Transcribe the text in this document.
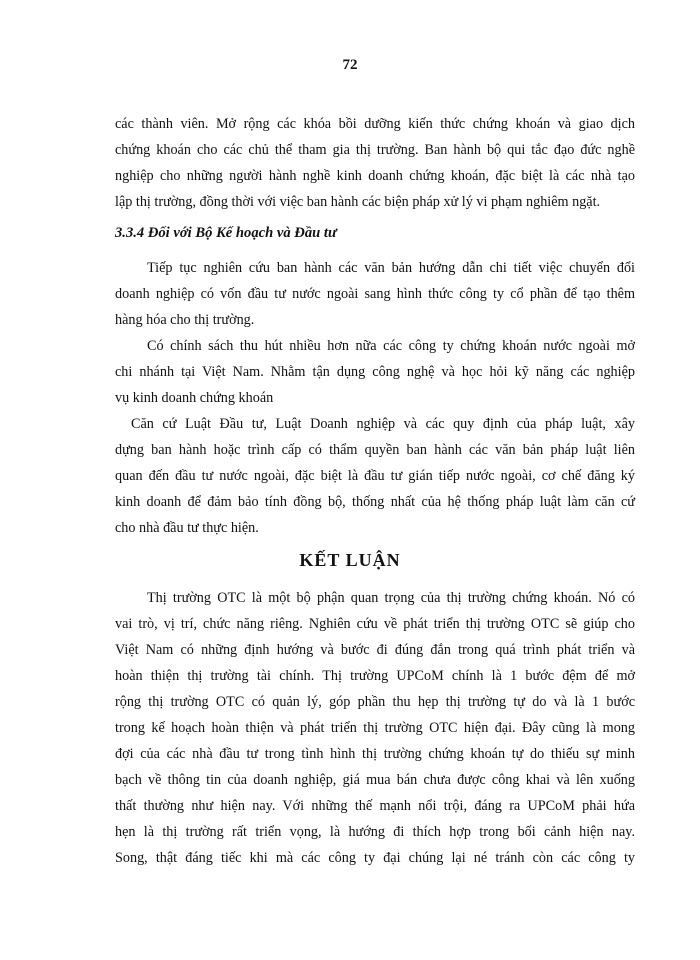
72
các thành viên. Mở rộng các khóa bồi dưỡng kiến thức chứng khoán và giao dịch
chứng khoán cho các chủ thể tham gia thị trường. Ban hành bộ qui tắc đạo đức nghề
nghiệp cho những người hành nghề kinh doanh chứng khoán, đặc biệt là các nhà tạo
lập thị trường, đồng thời với việc ban hành các biện pháp xử lý vi phạm nghiêm ngặt.
3.3.4 Đối với Bộ Kế hoạch và Đầu tư
Tiếp tục nghiên cứu ban hành các văn bản hướng dẫn chi tiết việc chuyển đổi
doanh nghiệp có vốn đầu tư nước ngoài sang hình thức công ty cổ phần để tạo thêm
hàng hóa cho thị trường.
Có chính sách thu hút nhiều hơn nữa các công ty chứng khoán nước ngoài mở
chi nhánh tại Việt Nam. Nhằm tận dụng công nghệ và học hỏi kỹ năng các nghiệp
vụ kinh doanh chứng khoán
Căn cứ Luật Đầu tư, Luật Doanh nghiệp và các quy định của pháp luật, xây
dựng ban hành hoặc trình cấp có thẩm quyền ban hành các văn bản pháp luật liên
quan đến đầu tư nước ngoài, đặc biệt là đầu tư gián tiếp nước ngoài, cơ chế đăng ký
kinh doanh để đảm bảo tính đồng bộ, thống nhất của hệ thống pháp luật làm căn cứ
cho nhà đầu tư thực hiện.
KẾT LUẬN
Thị trường OTC là một bộ phận quan trọng của thị trường chứng khoán. Nó có
vai trò, vị trí, chức năng riêng. Nghiên cứu về phát triển thị trường OTC sẽ giúp cho
Việt Nam có những định hướng và bước đi đúng đắn trong quá trình phát triển và
hoàn thiện thị trường tài chính. Thị trường UPCoM chính là 1 bước đệm để mở
rộng thị trường OTC có quản lý, góp phần thu hẹp thị trường tự do và là 1 bước
trong kế hoạch hoàn thiện và phát triển thị trường OTC hiện đại. Đây cũng là mong
đợi của các nhà đầu tư trong tình hình thị trường chứng khoán tự do thiếu sự minh
bạch về thông tin của doanh nghiệp, giá mua bán chưa được công khai và lên xuống
thất thường như hiện nay. Với những thế mạnh nổi trội, đáng ra UPCoM phải hứa
hẹn là thị trường rất triển vọng, là hướng đi thích hợp trong bối cảnh hiện nay.
Song, thật đáng tiếc khi mà các công ty đại chúng lại né tránh còn các công ty
